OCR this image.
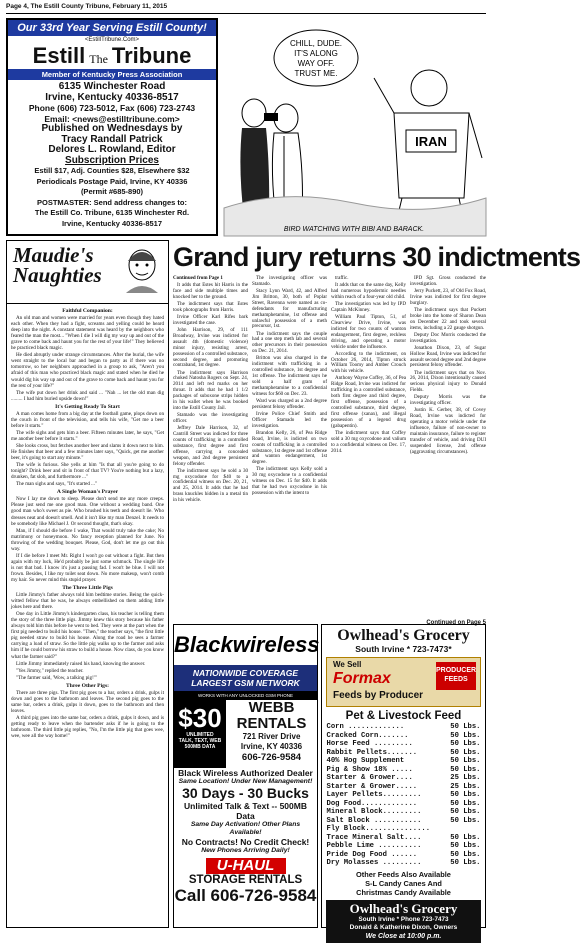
Page 4, The Estill County Tribune, February 11, 2015
Our 33rd Year Serving Estill County!
<EstillTribune.Com>
Estill The Tribune
Member of Kentucky Press Association
6135 Winchester Road
Irvine, Kentucky 40336-8517
Phone (606) 723-5012, Fax (606) 723-2743
Email: <news@estilltribune.com>
Published on Wednesdays by
Tracy Randall Patrick
Delores L. Rowland, Editor
Subscription Prices
Estill $17, Adj. Counties $28, Elsewhere $32
Periodicals Postage Paid, Irvine, KY 40336
(Permit #685-890)
POSTMASTER: Send address changes to:
The Estill Co. Tribune, 6135 Winchester Rd.
Irvine, Kentucky 40336-8517
CHILL, DUDE.
IT'S ALONG
WAY OFF.
TRUST ME.
IRAN
BIRD WATCHING WITH BIBI AND BARACK.
Maudie's
Naughties
Faithful Companion:

An old man and women were married for years even though they hated each other. When they had a fight, screams and yelling could be heard deep into the night. A constant statement was heard by the neighbors who feared the man the most... "When I die I will dig my way up and out of the grave to come back and haunt you for the rest of your life!" They believed he practiced black magic.

He died abruptly under strange circumstances. After the burial, the wife went straight to the local bar and began to party as if there was no tomorrow, so her neighbors approached in a group to ask, "Aren't you afraid of this man who practiced black magic and stated when he died he would dig his way up and out of the grave to come back and haunt you for the rest of your life?"

The wife put down her drink and said ... "Nah ... let the old man dig ......... I had him buried upside down!"

It's Getting Ready To Start

A man comes home from a big day at the football game, plops down on the couch in front of the television, and tells his wife, "Get me a beer before it starts."

The wife sighs and gets him a beer. Fifteen minutes later, he says, "Get me another beer before it starts."

She looks cross, but fetches another beer and slams it down next to him. He finishes that beer and a few minutes later says, "Quick, get me another beer, it's going to start any minute."

The wife is furious. She yells at him "Is that all you're going to do tonight? Drink beer and sit in front of that TV? You're nothing but a lazy, drunken, fat slob, and furthermore ..."

The man sighs and says, "It's started ..."

A Single Woman's Prayer

Now I lay me down to sleep. Please don't send me any more creeps. Please just send me one good man. One without a wedding band. One good man who's sweet as pie. Who brushed his teeth and doesn't lie. Who dresses neat and doesn't smell. And it isn't like my man Denzel. It needs to be somebody like Michael J. Or second thought, that's okay.

Man, if I should die before I wake, That would truly take the cake; No matrimony or honeymoon. No fancy reception planned for June. No throwing of the wedding bouquet. Please, God, don't let me go out this way.

If I die before I meet Mr. Right I won't go out without a fight. But then again with my luck, He'd probably be just some schmuck. The single life is not that bad. I know it's just a passing fad. I won't be blue. I will not frown. Besides, I like my toilet seat down. No more makeup, won't comb my hair. So never mind this stupid prayer.

The Three Little Pigs

Little Jimmy's father always told him bedtime stories. Being the quick-witted fellow that he was, he always embellished on them adding little jokes here and there.

One day in Little Jimmy's kindergarten class, his teacher is telling them the story of the three little pigs. Jimmy knew this story because his father always told him this before he went to bed. They were at the part when the first pig needed to build his house. "Then," the teacher says, "the first little pig needed straw to build his house. Along the road he sees a farmer carrying a load of straw. So the little pig walks up to the farmer and asks him if he could borrow his straw to build a house. Now class, do you know what the farmer said?"

Little Jimmy immediately raised his hand, knowing the answer.

"Yes Jimmy," replied the teacher.

"The farmer said, 'Wow, a talking pig!'"

Three Other Pigs:

There are three pigs. The first pig goes to a bar, orders a drink, gulps it down and goes to the bathroom and leaves. The second pig goes to the same bar, orders a drink, gulps it down, goes to the bathroom and then leaves.

A third pig goes into the same bar, orders a drink, gulps it down, and is getting ready to leave when the bartender asks if he is going to the bathroom. The third little pig replies, "No, I'm the little pig that goes wee, wee, wee all the way home!"

Grand jury returns 30 indictments

Continued from Page 1

It adds that Estes hit Harris in the face and side multiple times and knocked her to the ground.

The indictment says that Estes took photographs from Harris.

Irvine Officer Karl Rifes bark investigated the case.

John Harrison, 29, of 111 Broadway, Irvine was indicted for assault 4th (domestic violence) minor injury, resisting arrest, possession of a controlled substance, second degree, and promoting contraband, 1st degree.

The indictment says Harrison choked Natosha Rogers on Sept. 24, 2014 and left red marks on her throat. It adds that he had 1 1/2 packages of suboxone strips hidden in his wallet when he was booked into the Estill County Jail.

Stamado was the investigating officer.

Jeffrey Dale Harrison, 32, of Cantrill Street was indicted for three counts of trafficking in a controlled substance, first degree and first offense, carrying a concealed weapon, and 2nd degree persistent felony offender.

The indictment says he sold a 30 mg oxycodone for $40 to a confidential witness on Dec. 20, 21, and 25, 2014. It adds that he had brass knuckles hidden in a metal tin in his vehicle.

The investigating officer was Stamado.

Stacy Lynn Ward, 42, and Alfred Jim Britton, 30, both of Poplar Street, Ravenna were named as co-defendants for manufacturing methamphetamine, 1st offense and unlawful possession of a meth precursor, 1st.

The indictment says the couple had a one step meth lab and several other precursors in their possession on Dec. 21, 2014.

Britton was also charged in the indictment with trafficking in a controlled substance, 1st degree and 1st offense. The indictment says he sold a half gram of methamphetamine to a confidential witness for $60 on Dec. 23.

Ward was charged as a 2nd degree persistent felony offender.

Irvine Police Chief Smith and Officer Stamado led the investigation.

Brandon Kelly, 26, of Pea Ridge Road, Irvine, is indicted on two counts of trafficking in a controlled substance, 1st degree and 1st offense and wanton endangerment, 1st degree.

The indictment says Kelly sold a 30 mg oxycodone to a confidential witness on Dec. 15 for $40. It adds that he had two oxycodone in his possession with the intent to

traffic.

It adds that on the same day, Kelly had numerous hypodermic needles within reach of a four-year old child.

The investigation was led by IPD Captain McKinney.

William Paul Tipton, 51, of Clearview Drive, Irvine, was indicted for two counts of wanton endangerment, first degree, reckless driving, and operating a motor vehicle under the influence.

According to the indictment, on October 26, 2014, Tipton struck William Toomy and Amber Crouch with his vehicle.

Anthony Wayne Coffey, 36, of Pea Ridge Road, Irvine was indicted for trafficking in a controlled substance, both first degree and third degree, first offense, possession of a controlled substance, third degree, first offense (xanax), and illegal possession of a legend drug (gabapentin).

The indictment says that Coffey sold a 30 mg oxycodone and valium to a confidential witness on Dec. 17, 2014.

IPD Sgt. Gross conducted the investigation.

Jerry Puckett, 23, of Old Fox Road, Irvine was indicted for first degree burglary.

The indictment says that Puckett broke into the home of Sharon Dean on December 22 and took several items, including a 22 gauge shotgun.

Deputy Doc Morris conducted the investigation.

Jonathon Dixon, 23, of Sugar Hollow Road, Irvine was indicted for assault second degree and 2nd degree persistent felony offender.

The indictment says that on Nov. 26, 2014, Dixon intentionally caused serious physical injury to Donald Fields.

Deputy Morris was the investigating officer.

Justin K. Gerber, 38, of Covey Road, Irvine was indicted for operating a motor vehicle under the influence, failure of non-owner to maintain insurance, failure to register transfer of vehicle, and driving DUI suspended license, 2nd offense (aggravating circumstances).

Continued on Page 5
Blackwireless
NATIONWIDE COVERAGE
LARGEST GSM NETWORK
WORKS WITH ANY UNLOCKED GSM PHONE
$30
UNLIMITED
TALK, TEXT, WEB
500MB DATA
WEBB
RENTALS
721 River Drive
Irvine, KY 40336
606-726-9584
Black Wireless Authorized Dealer
Same Location! Under New Management!
30 Days - 30 Bucks
Unlimited Talk & Text -- 500MB Data
Same Day Activation! Other Plans Available!
No Contracts! No Credit Check!
New Phones Arriving Daily!
U-HAUL
STORAGE RENTALS
Call 606-726-9584
Owlhead's Grocery
South Irvine * 723-7473*
We Sell
Formax
Feeds by Producer
PRODUCER FEEDS
Pet & Livestock Feed
Corn .............	50 Lbs.
Cracked Corn.......	50 Lbs.
Horse Feed .........	50 Lbs.
Rabbit Pellets.......	50 Lbs.
40% Hog Supplement	50 Lbs.
Pig & Show 18% .....	50 Lbs.
Starter & Grower....	25 Lbs.
Starter & Grower.....	25 Lbs.
Layer Pellets.........	50 Lbs.
Dog Food.............	50 Lbs.
Mineral Block.........	50 Lbs.
Salt Block ...........	50 Lbs.
Fly Block...............	
Trace Mineral Salt....	50 Lbs.
Pebble Lime ..........	50 Lbs.
Pride Dog Food ......	50 Lbs.
Dry Molasses .........	50 Lbs.
Other Feeds Also Available
S-L Candy Canes And
Christmas Candy Available
Owlhead's Grocery
South Irvine * Phone 723-7473
Donald & Katherine Dixon, Owners
We Close at 10:00 p.m.
